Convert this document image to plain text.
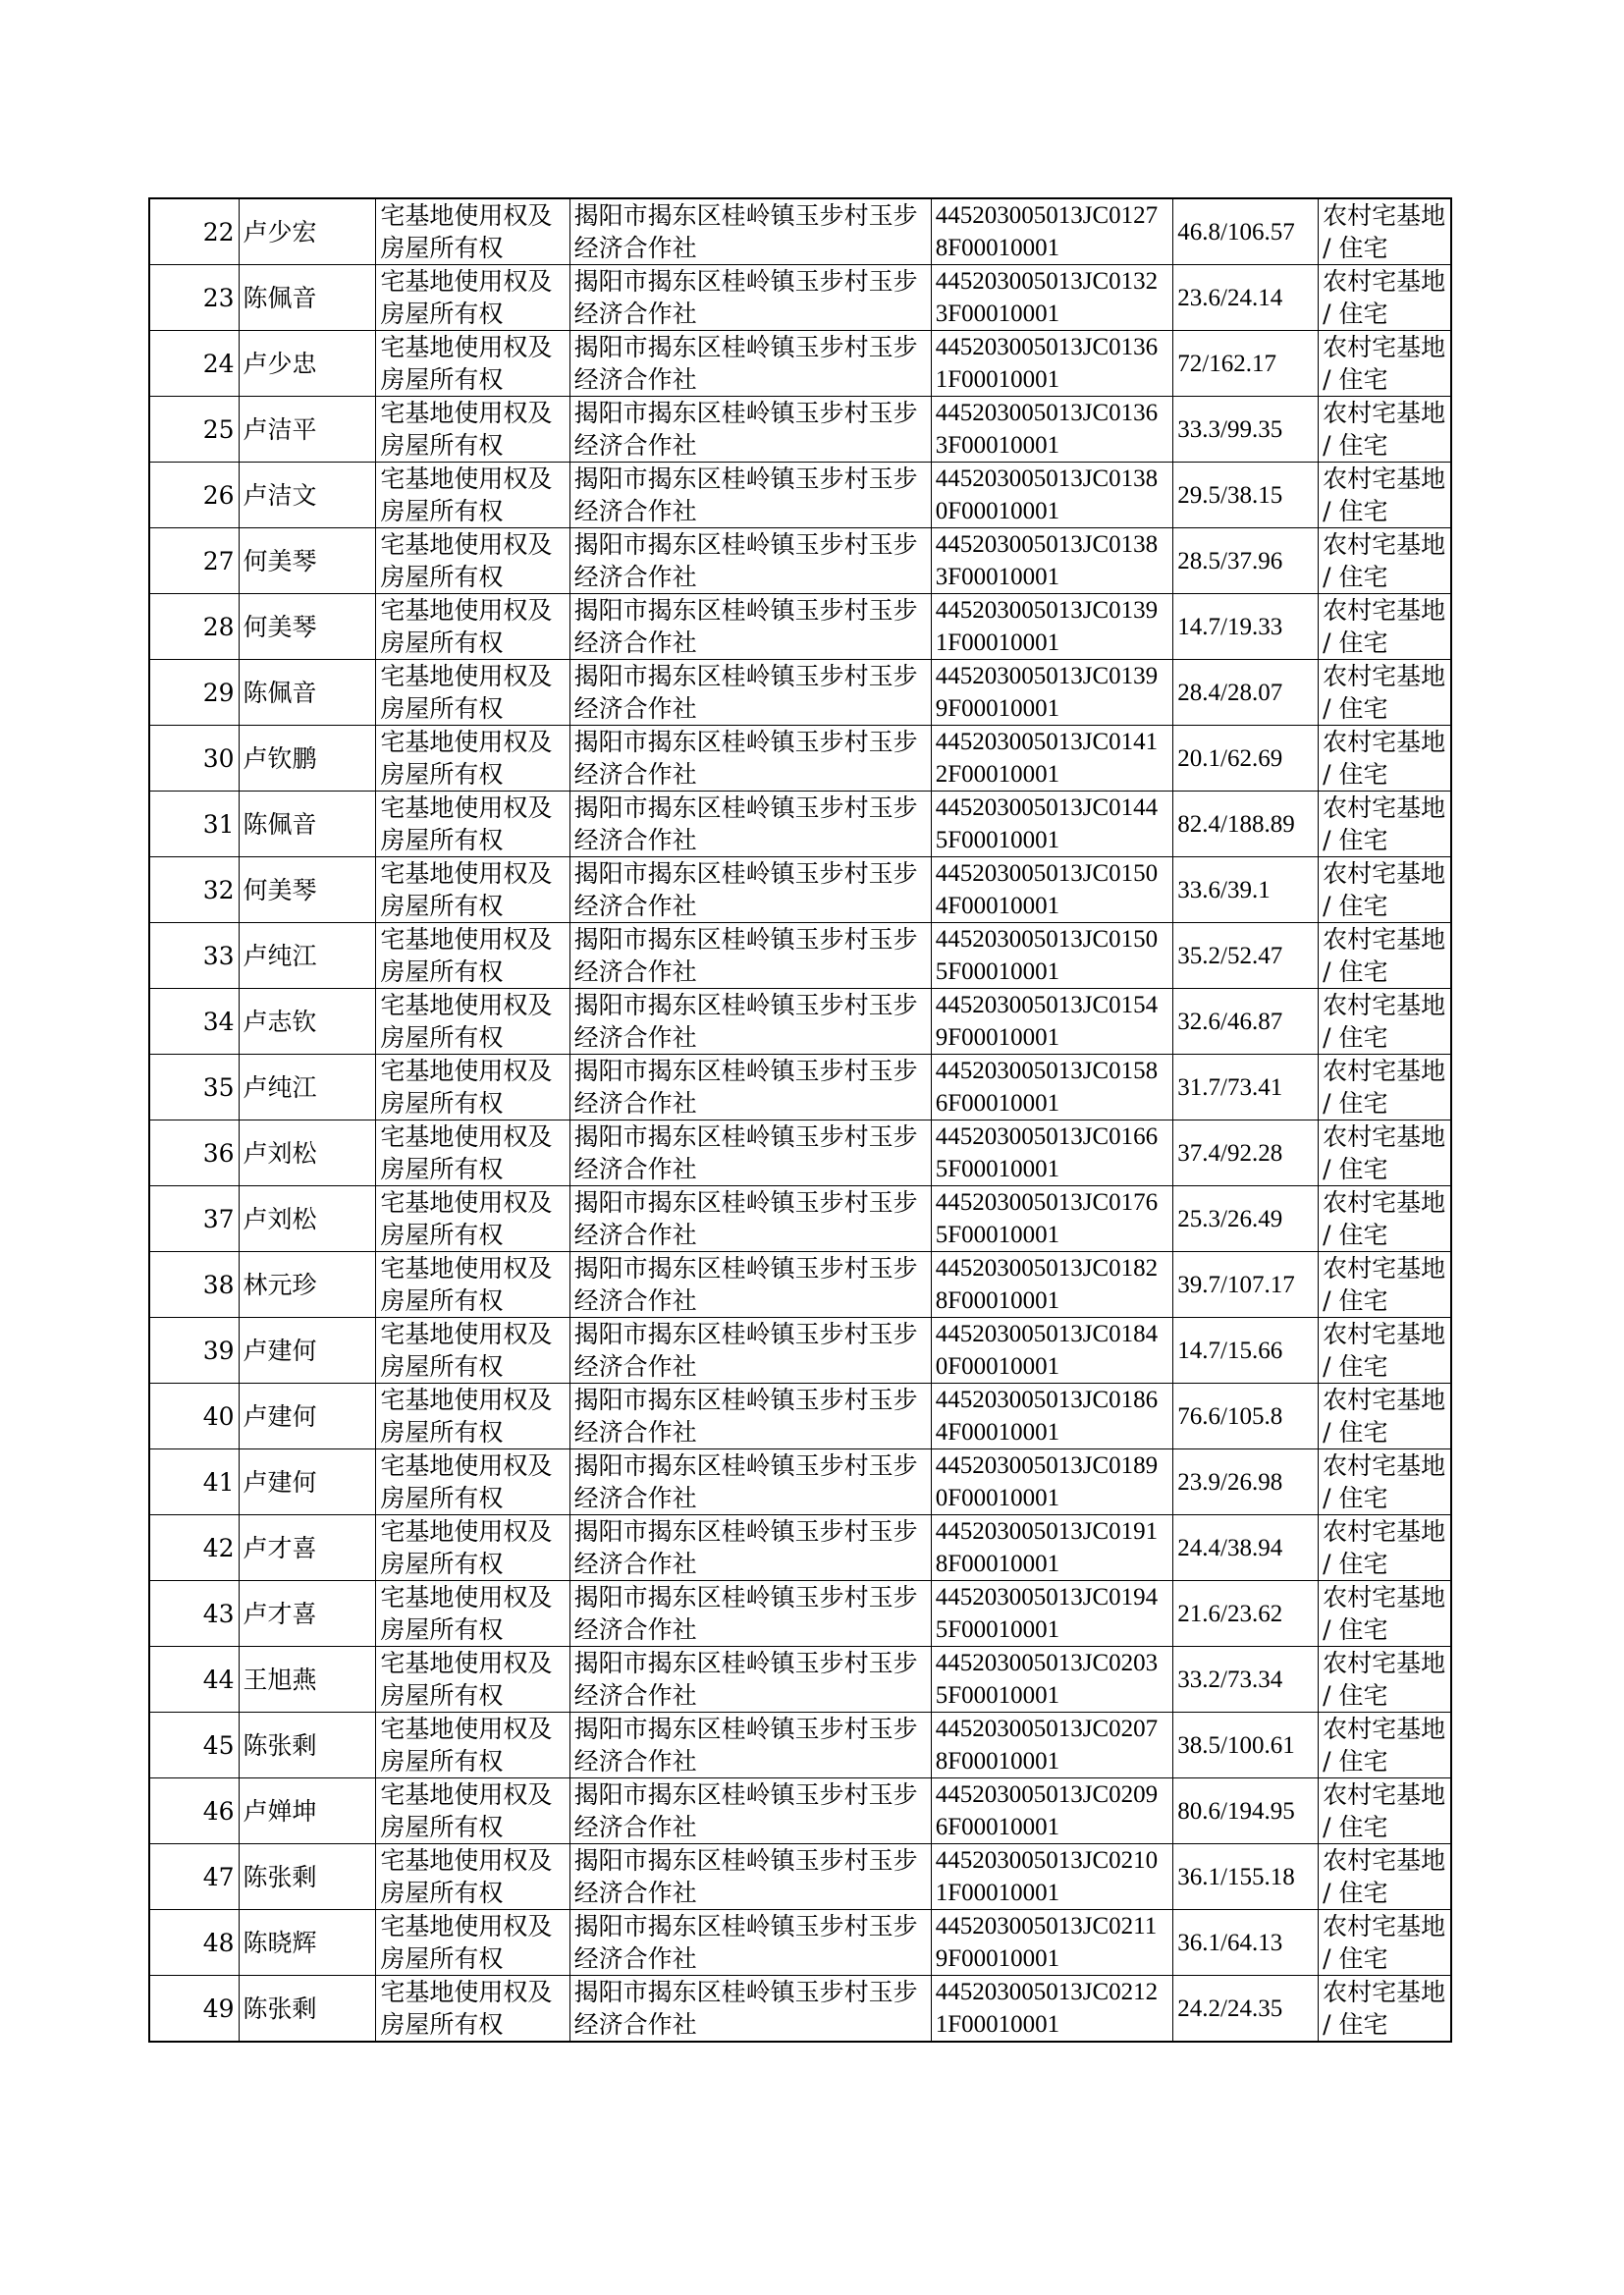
22	卢少宏	宅基地使用权及房屋所有权	揭阳市揭东区桂岭镇玉步村玉步经济合作社	445203005013JC01278F00010001	46.8/106.57	农村宅基地 / 住宅
23	陈佩音	宅基地使用权及房屋所有权	揭阳市揭东区桂岭镇玉步村玉步经济合作社	445203005013JC01323F00010001	23.6/24.14	农村宅基地 / 住宅
24	卢少忠	宅基地使用权及房屋所有权	揭阳市揭东区桂岭镇玉步村玉步经济合作社	445203005013JC01361F00010001	72/162.17	农村宅基地 / 住宅
25	卢洁平	宅基地使用权及房屋所有权	揭阳市揭东区桂岭镇玉步村玉步经济合作社	445203005013JC01363F00010001	33.3/99.35	农村宅基地 / 住宅
26	卢洁文	宅基地使用权及房屋所有权	揭阳市揭东区桂岭镇玉步村玉步经济合作社	445203005013JC01380F00010001	29.5/38.15	农村宅基地 / 住宅
27	何美琴	宅基地使用权及房屋所有权	揭阳市揭东区桂岭镇玉步村玉步经济合作社	445203005013JC01383F00010001	28.5/37.96	农村宅基地 / 住宅
28	何美琴	宅基地使用权及房屋所有权	揭阳市揭东区桂岭镇玉步村玉步经济合作社	445203005013JC01391F00010001	14.7/19.33	农村宅基地 / 住宅
29	陈佩音	宅基地使用权及房屋所有权	揭阳市揭东区桂岭镇玉步村玉步经济合作社	445203005013JC01399F00010001	28.4/28.07	农村宅基地 / 住宅
30	卢钦鹏	宅基地使用权及房屋所有权	揭阳市揭东区桂岭镇玉步村玉步经济合作社	445203005013JC01412F00010001	20.1/62.69	农村宅基地 / 住宅
31	陈佩音	宅基地使用权及房屋所有权	揭阳市揭东区桂岭镇玉步村玉步经济合作社	445203005013JC01445F00010001	82.4/188.89	农村宅基地 / 住宅
32	何美琴	宅基地使用权及房屋所有权	揭阳市揭东区桂岭镇玉步村玉步经济合作社	445203005013JC01504F00010001	33.6/39.1	农村宅基地 / 住宅
33	卢纯江	宅基地使用权及房屋所有权	揭阳市揭东区桂岭镇玉步村玉步经济合作社	445203005013JC01505F00010001	35.2/52.47	农村宅基地 / 住宅
34	卢志钦	宅基地使用权及房屋所有权	揭阳市揭东区桂岭镇玉步村玉步经济合作社	445203005013JC01549F00010001	32.6/46.87	农村宅基地 / 住宅
35	卢纯江	宅基地使用权及房屋所有权	揭阳市揭东区桂岭镇玉步村玉步经济合作社	445203005013JC01586F00010001	31.7/73.41	农村宅基地 / 住宅
36	卢刘松	宅基地使用权及房屋所有权	揭阳市揭东区桂岭镇玉步村玉步经济合作社	445203005013JC01665F00010001	37.4/92.28	农村宅基地 / 住宅
37	卢刘松	宅基地使用权及房屋所有权	揭阳市揭东区桂岭镇玉步村玉步经济合作社	445203005013JC01765F00010001	25.3/26.49	农村宅基地 / 住宅
38	林元珍	宅基地使用权及房屋所有权	揭阳市揭东区桂岭镇玉步村玉步经济合作社	445203005013JC01828F00010001	39.7/107.17	农村宅基地 / 住宅
39	卢建何	宅基地使用权及房屋所有权	揭阳市揭东区桂岭镇玉步村玉步经济合作社	445203005013JC01840F00010001	14.7/15.66	农村宅基地 / 住宅
40	卢建何	宅基地使用权及房屋所有权	揭阳市揭东区桂岭镇玉步村玉步经济合作社	445203005013JC01864F00010001	76.6/105.8	农村宅基地 / 住宅
41	卢建何	宅基地使用权及房屋所有权	揭阳市揭东区桂岭镇玉步村玉步经济合作社	445203005013JC01890F00010001	23.9/26.98	农村宅基地 / 住宅
42	卢才喜	宅基地使用权及房屋所有权	揭阳市揭东区桂岭镇玉步村玉步经济合作社	445203005013JC01918F00010001	24.4/38.94	农村宅基地 / 住宅
43	卢才喜	宅基地使用权及房屋所有权	揭阳市揭东区桂岭镇玉步村玉步经济合作社	445203005013JC01945F00010001	21.6/23.62	农村宅基地 / 住宅
44	王旭燕	宅基地使用权及房屋所有权	揭阳市揭东区桂岭镇玉步村玉步经济合作社	445203005013JC02035F00010001	33.2/73.34	农村宅基地 / 住宅
45	陈张剩	宅基地使用权及房屋所有权	揭阳市揭东区桂岭镇玉步村玉步经济合作社	445203005013JC02078F00010001	38.5/100.61	农村宅基地 / 住宅
46	卢婵坤	宅基地使用权及房屋所有权	揭阳市揭东区桂岭镇玉步村玉步经济合作社	445203005013JC02096F00010001	80.6/194.95	农村宅基地 / 住宅
47	陈张剩	宅基地使用权及房屋所有权	揭阳市揭东区桂岭镇玉步村玉步经济合作社	445203005013JC02101F00010001	36.1/155.18	农村宅基地 / 住宅
48	陈晓辉	宅基地使用权及房屋所有权	揭阳市揭东区桂岭镇玉步村玉步经济合作社	445203005013JC02119F00010001	36.1/64.13	农村宅基地 / 住宅
49	陈张剩	宅基地使用权及房屋所有权	揭阳市揭东区桂岭镇玉步村玉步经济合作社	445203005013JC02121F00010001	24.2/24.35	农村宅基地 / 住宅
